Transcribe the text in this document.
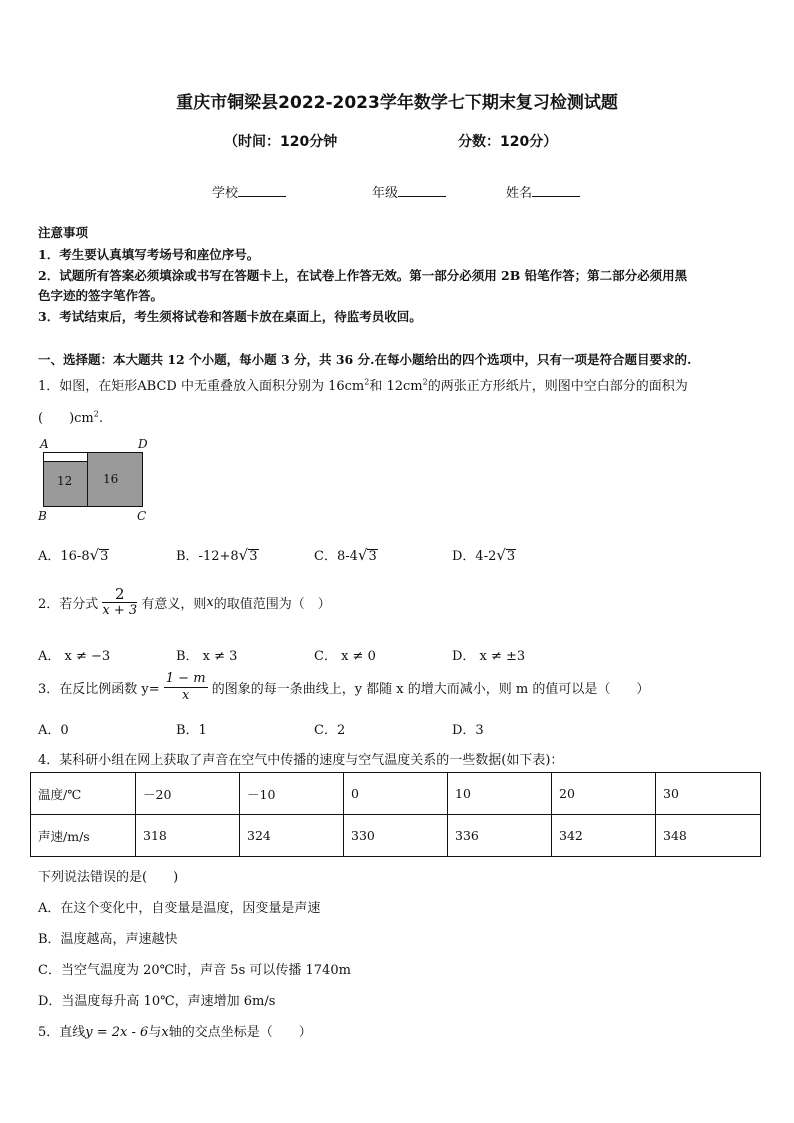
重庆市铜梁县2022-2023学年数学七下期末复习检测试题
（时间：120分钟	分数：120分）
学校	年级	姓名
注意事项
1．考生要认真填写考场号和座位序号。
2．试题所有答案必须填涂或书写在答题卡上，在试卷上作答无效。第一部分必须用 2B 铅笔作答；第二部分必须用黑
色字迹的签字笔作答。
3．考试结束后，考生须将试卷和答题卡放在桌面上，待监考员收回。
一、选择题：本大题共 12 个小题，每小题 3 分，共 36 分.在每小题给出的四个选项中，只有一项是符合题目要求的.
1．如图，在矩形ABCD 中无重叠放入面积分别为 $16cm^2$和 $12cm^2$的两张正方形纸片，则图中空白部分的面积为
(　　)$cm^2$.
A	D
B	C
12	16
A．16-8√3	B．-12+8√3	C．8-4√3	D．4-2√3
2．若分式 $\frac{2}{x + 3}$ 有意义，则x的取值范围为（　）
A． x ≠ −3	B． x ≠ 3	C． x ≠ 0	D． x ≠ ±3
3．在反比例函数 $y= \frac{1 - m}{x}$ 的图象的每一条曲线上，y 都随 x 的增大而减小，则 m 的值可以是（　　）
A．0	B．1	C．2	D．3
4．某科研小组在网上获取了声音在空气中传播的速度与空气温度关系的一些数据(如下表)：
温度/℃	－20	－10	0	10	20	30
声速/m/s	318	324	330	336	342	348
下列说法错误的是(　　)
A．在这个变化中，自变量是温度，因变量是声速
B．温度越高，声速越快
C．当空气温度为 20℃时，声音 5s 可以传播 1740m
D．当温度每升高 10℃，声速增加 6m/s
5．直线y = 2x - 6与x轴的交点坐标是（　　）
